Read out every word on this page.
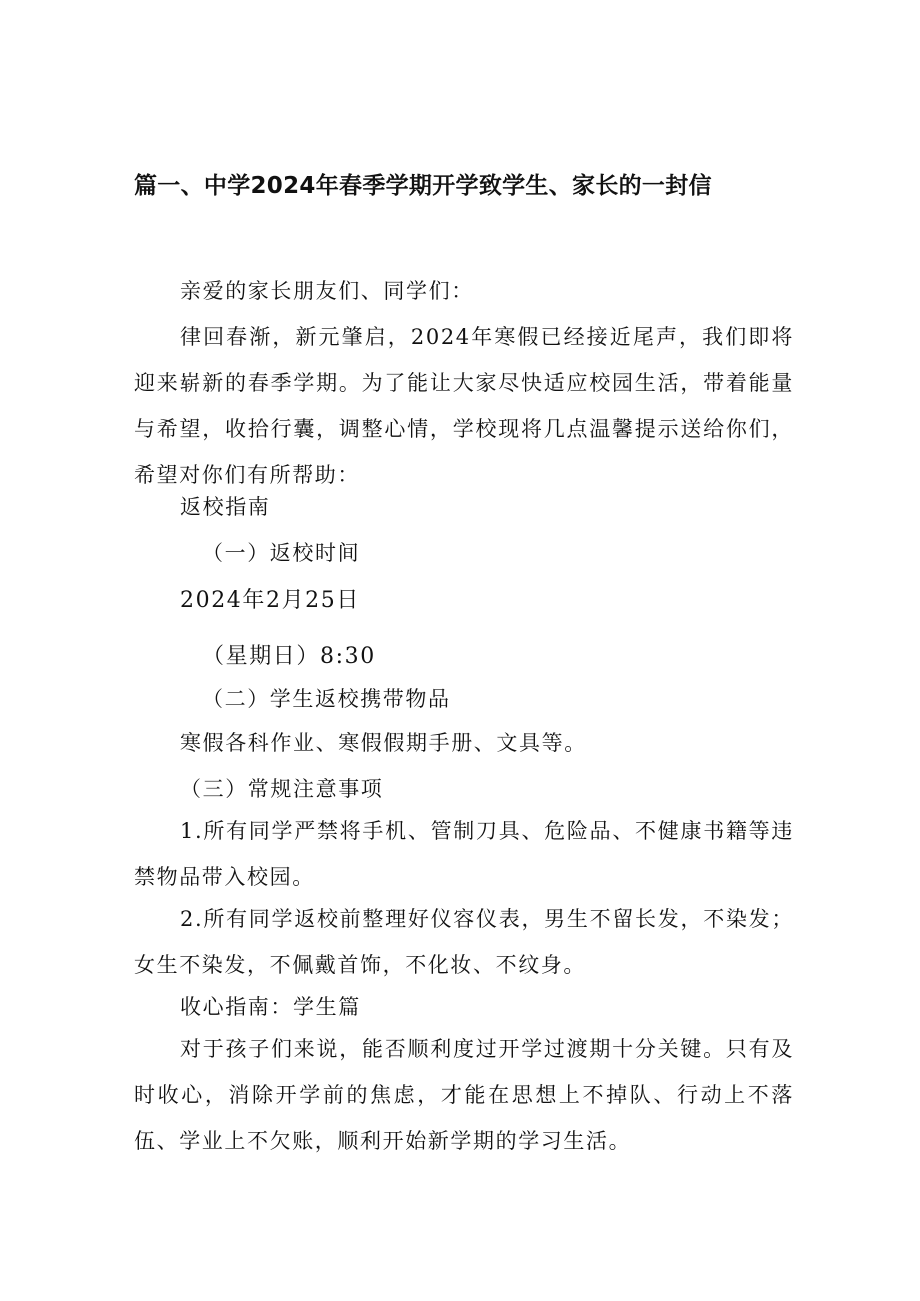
篇一、中学2024年春季学期开学致学生、家长的一封信
亲爱的家长朋友们、同学们：
律回春渐，新元肇启，2024年寒假已经接近尾声，我们即将迎来崭新的春季学期。为了能让大家尽快适应校园生活，带着能量与希望，收拾行囊，调整心情，学校现将几点温馨提示送给你们，希望对你们有所帮助：
返校指南
（一）返校时间
2024年2月25日
（星期日）8:30
（二）学生返校携带物品
寒假各科作业、寒假假期手册、文具等。
（三）常规注意事项
1.所有同学严禁将手机、管制刀具、危险品、不健康书籍等违禁物品带入校园。
2.所有同学返校前整理好仪容仪表，男生不留长发，不染发；女生不染发，不佩戴首饰，不化妆、不纹身。
收心指南：学生篇
对于孩子们来说，能否顺利度过开学过渡期十分关键。只有及时收心，消除开学前的焦虑，才能在思想上不掉队、行动上不落伍、学业上不欠账，顺利开始新学期的学习生活。
